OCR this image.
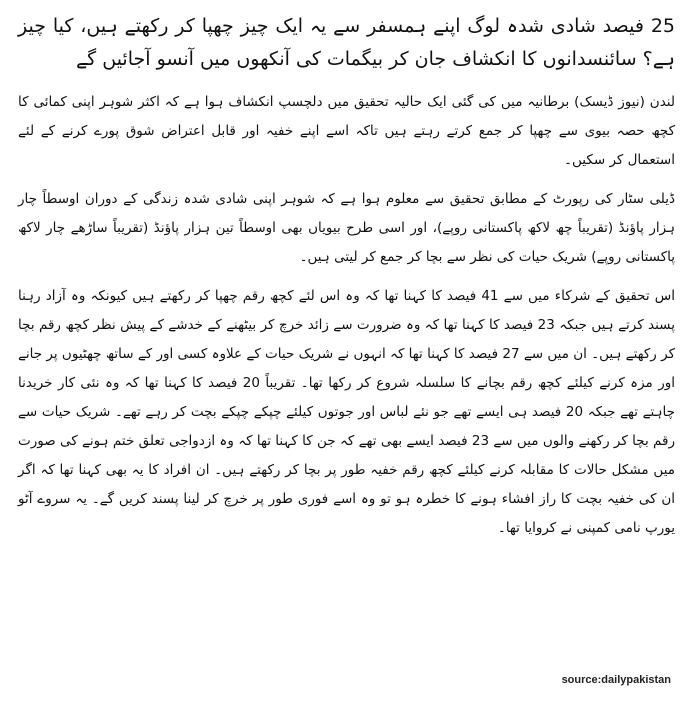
25 فیصد شادی شدہ لوگ اپنے ہمسفر سے یہ ایک چیز چھپا کر رکھتے ہیں، کیا چیز ہے؟ سائنسدانوں کا انکشاف جان کر بیگمات کی آنکھوں میں آنسو آجائیں گے

لندن (نیوز ڈیسک) برطانیہ میں کی گئی ایک حالیہ تحقیق میں دلچسپ انکشاف ہوا ہے کہ اکثر شوہر اپنی کمائی کا کچھ حصہ بیوی سے چھپا کر جمع کرتے رہتے ہیں تاکہ اسے اپنے خفیہ اور قابل اعتراض شوق پورے کرنے کے لئے استعمال کر سکیں۔

ڈیلی سٹار کی رپورٹ کے مطابق تحقیق سے معلوم ہوا ہے کہ شوہر اپنی شادی شدہ زندگی کے دوران اوسطاً چار ہزار پاؤنڈ (تقریباً چھ لاکھ پاکستانی روپے)، اور اسی طرح بیویاں بھی اوسطاً تین ہزار پاؤنڈ (تقریباً ساڑھے چار لاکھ پاکستانی روپے) شریک حیات کی نظر سے بچا کر جمع کر لیتی ہیں۔

اس تحقیق کے شرکاء میں سے 41 فیصد کا کہنا تھا کہ وہ اس لئے کچھ رقم چھپا کر رکھتے ہیں کیونکہ وہ آزاد رہنا پسند کرتے ہیں جبکہ 23 فیصد کا کہنا تھا کہ وہ ضرورت سے زائد خرچ کر بیٹھنے کے خدشے کے پیش نظر کچھ رقم بچا کر رکھتے ہیں۔ ان میں سے 27 فیصد کا کہنا تھا کہ انہوں نے شریک حیات کے علاوہ کسی اور کے ساتھ چھٹیوں پر جانے اور مزہ کرنے کیلئے کچھ رقم بچانے کا سلسلہ شروع کر رکھا تھا۔ تقریباً 20 فیصد کا کہنا تھا کہ وہ نئی کار خریدنا چاہتے تھے جبکہ 20 فیصد ہی ایسے تھے جو نئے لباس اور جوتوں کیلئے چپکے چپکے بچت کر رہے تھے۔ شریک حیات سے رقم بچا کر رکھنے والوں میں سے 23 فیصد ایسے بھی تھے کہ جن کا کہنا تھا کہ وہ ازدواجی تعلق ختم ہونے کی صورت میں مشکل حالات کا مقابلہ کرنے کیلئے کچھ رقم خفیہ طور پر بچا کر رکھتے ہیں۔ ان افراد کا یہ بھی کہنا تھا کہ اگر ان کی خفیہ بچت کا راز افشاء ہونے کا خطرہ ہو تو وہ اسے فوری طور پر خرچ کر لینا پسند کریں گے۔ یہ سروے آٹو یورپ نامی کمپنی نے کروایا تھا۔

source:dailypakistan
